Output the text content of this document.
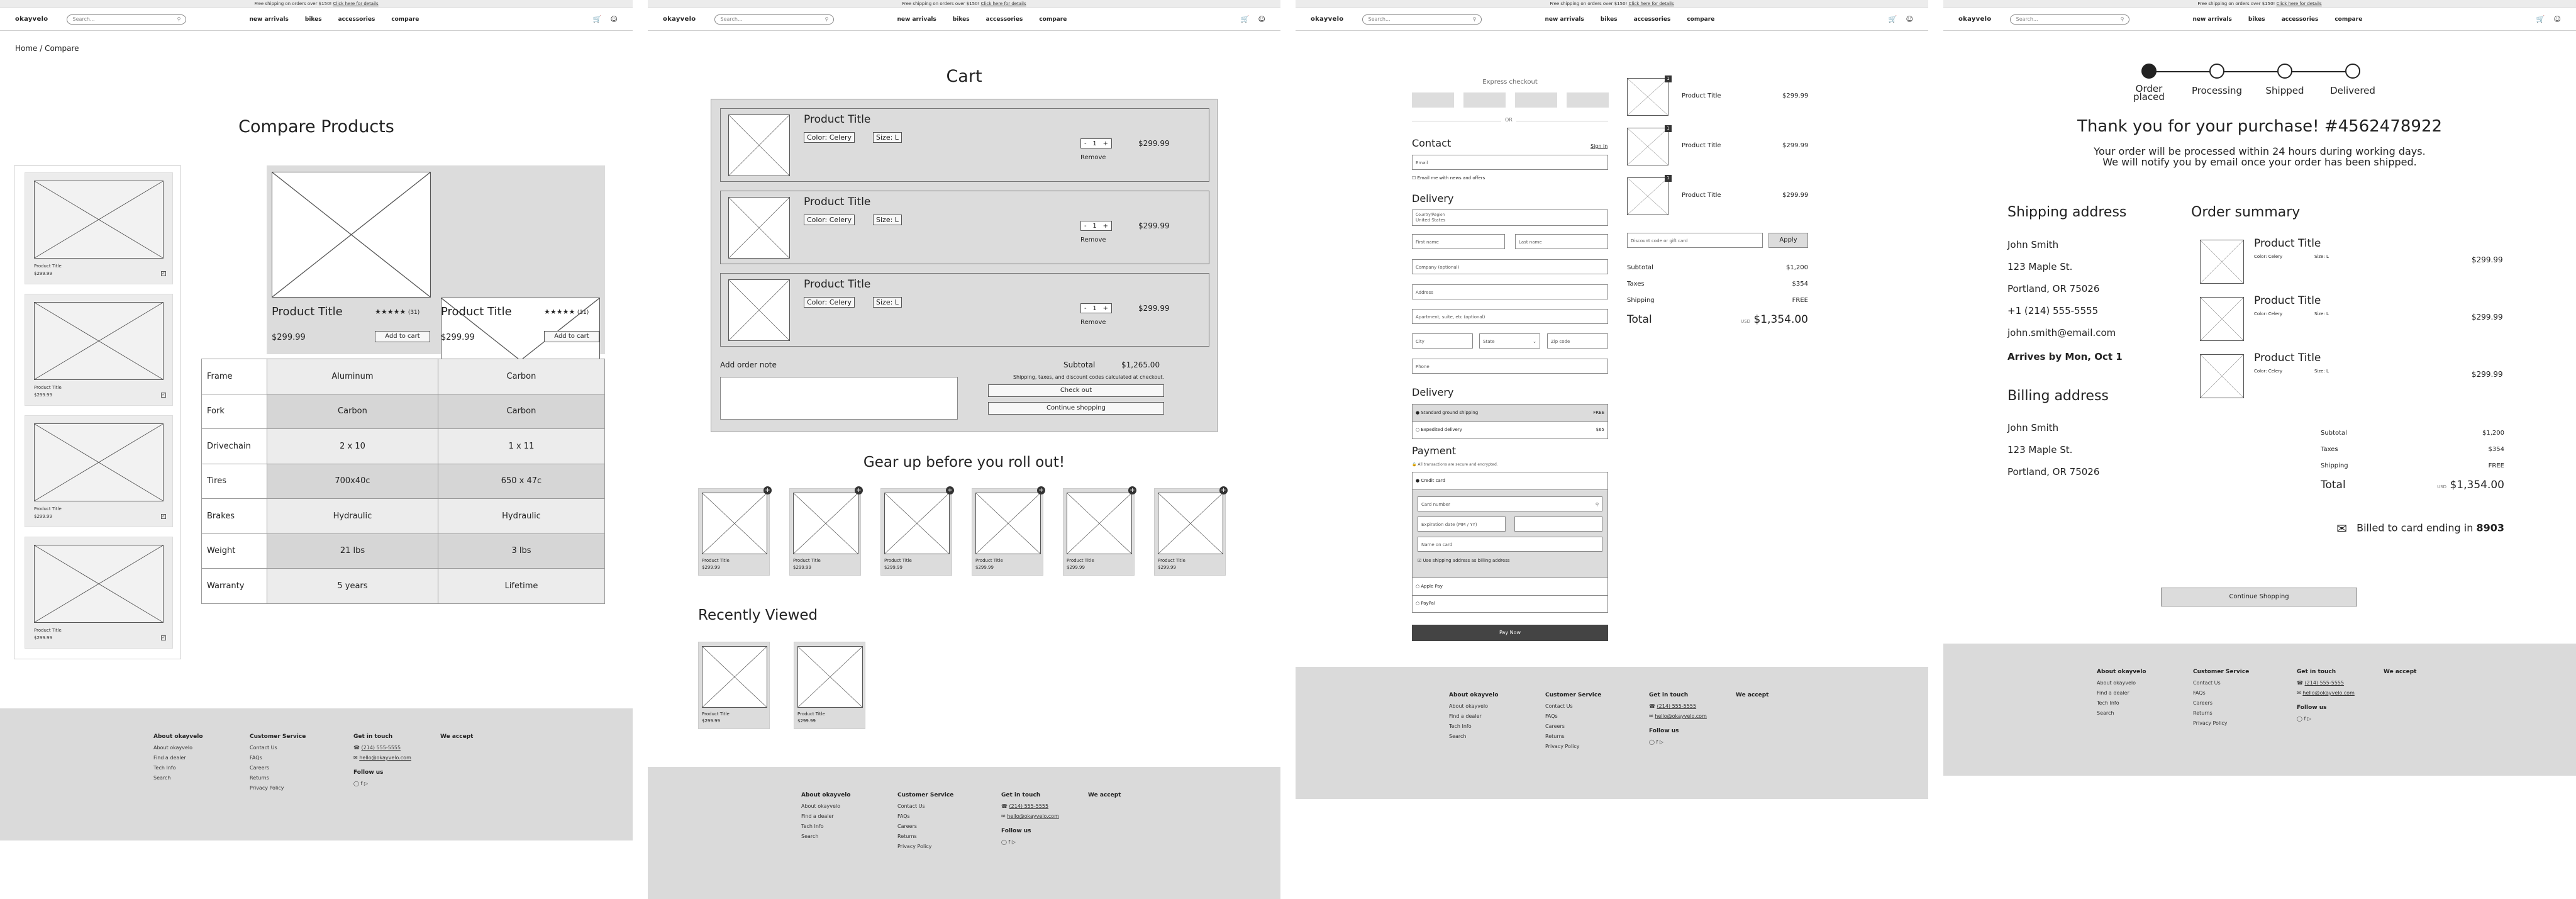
Free shipping on orders over $150! Click here for details
okayvelo	Search...	⚲	new arrivals	bikes	accessories	compare	🛒 ☺
Home / Compare
Compare Products
Product Title
$299.99	✓
Product Title
$299.99	✓
Product Title
$299.99	✓
Product Title
$299.99	✓
Product Title	★★★★★ (31)
$299.99	Add to cart
Product Title	★★★★★ (31)
$299.99	Add to cart
Frame	Aluminum	Carbon
Fork	Carbon	Carbon
Drivechain	2 x 10	1 x 11
Tires	700x40c	650 x 47c
Brakes	Hydraulic	Hydraulic
Weight	21 lbs	3 lbs
Warranty	5 years	Lifetime
About okayvelo
About okayvelo
Find a dealer
Tech Info
Search
Customer Service
Contact Us
FAQs
Careers
Returns
Privacy Policy
Get in touch
☎ (214) 555-5555
✉ hello@okayvelo.com
Follow us
◯ f ▷
We accept
Free shipping on orders over $150! Click here for details
okayvelo	Search...	⚲	new arrivals	bikes	accessories	compare	🛒 ☺
Cart
Product Title
Color: Celery	Size: L
- 1 +
Remove
$299.99
Product Title
Color: Celery	Size: L
- 1 +
Remove
$299.99
Product Title
Color: Celery	Size: L
- 1 +
Remove
$299.99
Add order note	Subtotal	$1,265.00
Shipping, taxes, and discount codes calculated at checkout.
Check out
Continue shopping
Gear up before you roll out!
Product Title
$299.99
+
Product Title
$299.99
+
Product Title
$299.99
+
Product Title
$299.99
+
Product Title
$299.99
+
Product Title
$299.99
+
Recently Viewed
Product Title
$299.99
Product Title
$299.99
About okayvelo
About okayvelo
Find a dealer
Tech Info
Search
Customer Service
Contact Us
FAQs
Careers
Returns
Privacy Policy
Get in touch
☎ (214) 555-5555
✉ hello@okayvelo.com
Follow us
◯ f ▷
We accept
Free shipping on orders over $150! Click here for details
okayvelo	Search...	⚲	new arrivals	bikes	accessories	compare	🛒 ☺
Express checkout
OR
Contact	Sign in
Email
☐ Email me with news and offers
Delivery
Country/Region
United States
First name	Last name
Company (optional)
Address
Apartment, suite, etc (optional)
City	State	⌄	Zip code
Phone
Delivery
● Standard ground shipping	FREE
○ Expedited delivery	$65
Payment
🔒 All transactions are secure and encrypted.
● Credit card
Card number	⚲
Expiration date (MM / YY)
Name on card
☑ Use shipping address as billing address
○ Apple Pay
○ PayPal
Pay Now
1
Product Title	$299.99
1
Product Title	$299.99
1
Product Title	$299.99
Discount code or gift card	Apply
Subtotal	$1,200
Taxes	$354
Shipping	FREE
Total	USD $1,354.00
About okayvelo
About okayvelo
Find a dealer
Tech Info
Search
Customer Service
Contact Us
FAQs
Careers
Returns
Privacy Policy
Get in touch
☎ (214) 555-5555
✉ hello@okayvelo.com
Follow us
◯ f ▷
We accept
Free shipping on orders over $150! Click here for details
okayvelo	Search...	⚲	new arrivals	bikes	accessories	compare	🛒 ☺
Order placed
Processing	Shipped	Delivered
Thank you for your purchase! #4562478922
Your order will be processed within 24 hours during working days.
We will notify you by email once your order has been shipped.
Shipping address
John Smith
123 Maple St.
Portland, OR 75026
+1 (214) 555-5555
john.smith@email.com
Arrives by Mon, Oct 1
Billing address
John Smith
123 Maple St.
Portland, OR 75026
Order summary
Product Title
Color: Celery	Size: L	$299.99
Product Title
Color: Celery	Size: L	$299.99
Product Title
Color: Celery	Size: L	$299.99
Subtotal	$1,200
Taxes	$354
Shipping	FREE
Total	USD $1,354.00
✉ Billed to card ending in 8903
Continue Shopping
About okayvelo
About okayvelo
Find a dealer
Tech Info
Search
Customer Service
Contact Us
FAQs
Careers
Returns
Privacy Policy
Get in touch
☎ (214) 555-5555
✉ hello@okayvelo.com
Follow us
◯ f ▷
We accept
